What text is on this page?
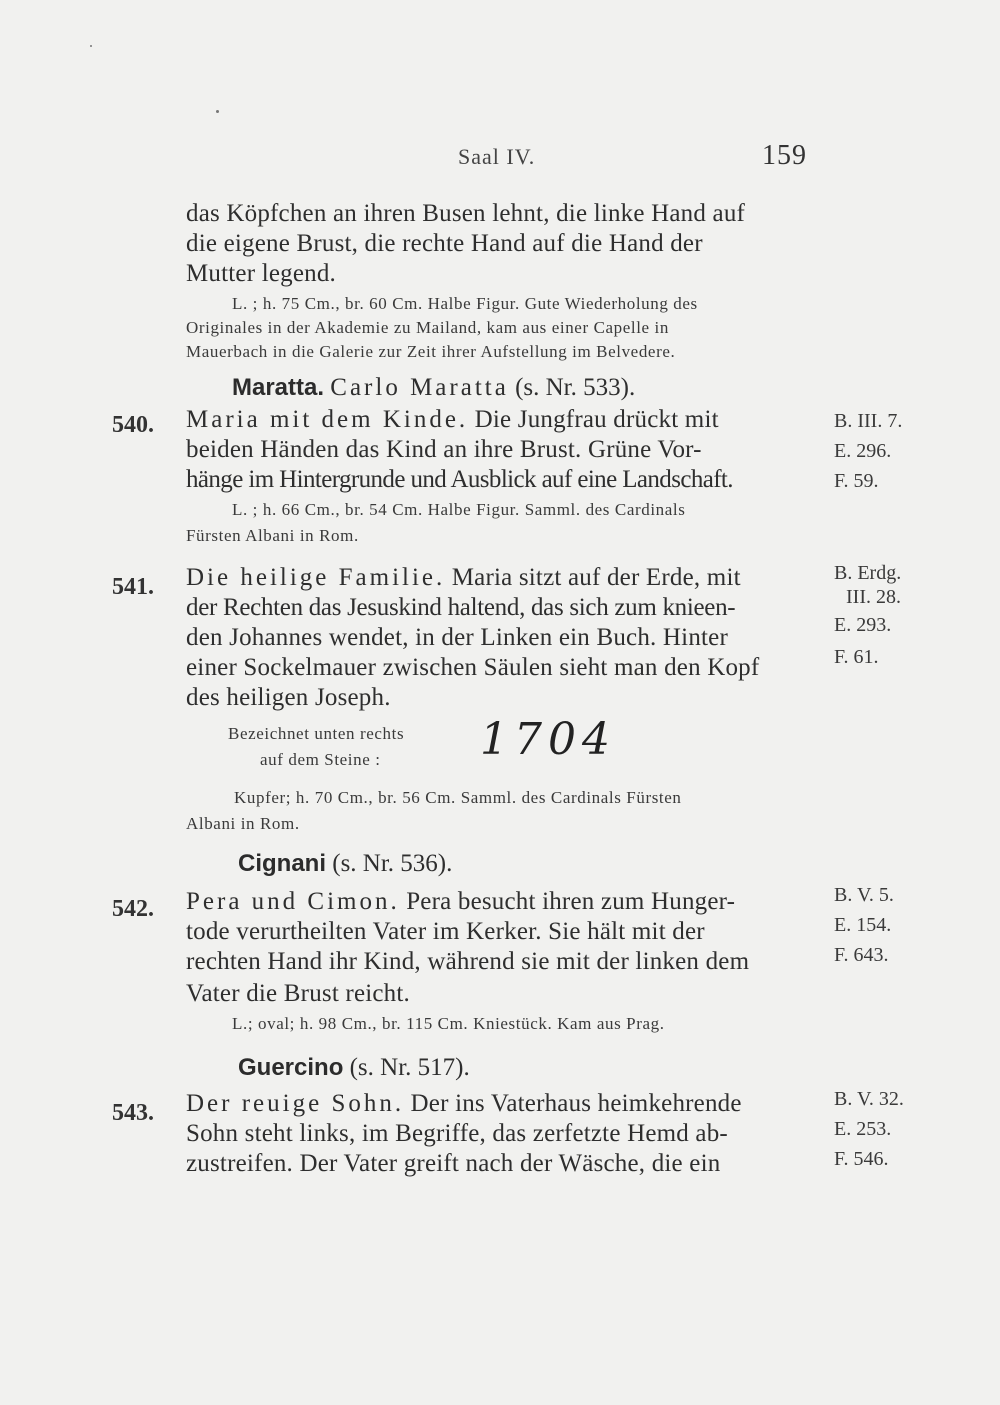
Saal IV.	159
das Köpfchen an ihren Busen lehnt, die linke Hand auf
die eigene Brust, die rechte Hand auf die Hand der
Mutter legend.
L. ; h. 75 Cm., br. 60 Cm. Halbe Figur. Gute Wiederholung des
Originales in der Akademie zu Mailand, kam aus einer Capelle in
Mauerbach in die Galerie zur Zeit ihrer Aufstellung im Belvedere.
Maratta. Carlo Maratta (s. Nr. 533).
540. Maria mit dem Kinde. Die Jungfrau drückt mit
beiden Händen das Kind an ihre Brust. Grüne Vor-
hänge im Hintergrunde und Ausblick auf eine Landschaft.
L. ; h. 66 Cm., br. 54 Cm. Halbe Figur. Samml. des Cardinals
Fürsten Albani in Rom.
B. III. 7.
E. 296.
F. 59.
541. Die heilige Familie. Maria sitzt auf der Erde, mit
der Rechten das Jesuskind haltend, das sich zum knieen-
den Johannes wendet, in der Linken ein Buch. Hinter
einer Sockelmauer zwischen Säulen sieht man den Kopf
des heiligen Joseph.
Bezeichnet unten rechts
auf dem Steine : 1704
Kupfer; h. 70 Cm., br. 56 Cm. Samml. des Cardinals Fürsten
Albani in Rom.
B. Erdg.
III. 28.
E. 293.
F. 61.
Cignani (s. Nr. 536).
542. Pera und Cimon. Pera besucht ihren zum Hunger-
tode verurtheilten Vater im Kerker. Sie hält mit der
rechten Hand ihr Kind, während sie mit der linken dem
Vater die Brust reicht.
L.; oval; h. 98 Cm., br. 115 Cm. Kniestück. Kam aus Prag.
B. V. 5.
E. 154.
F. 643.
Guercino (s. Nr. 517).
543. Der reuige Sohn. Der ins Vaterhaus heimkehrende
Sohn steht links, im Begriffe, das zerfetzte Hemd ab-
zustreifen. Der Vater greift nach der Wäsche, die ein
B. V. 32.
E. 253.
F. 546.
